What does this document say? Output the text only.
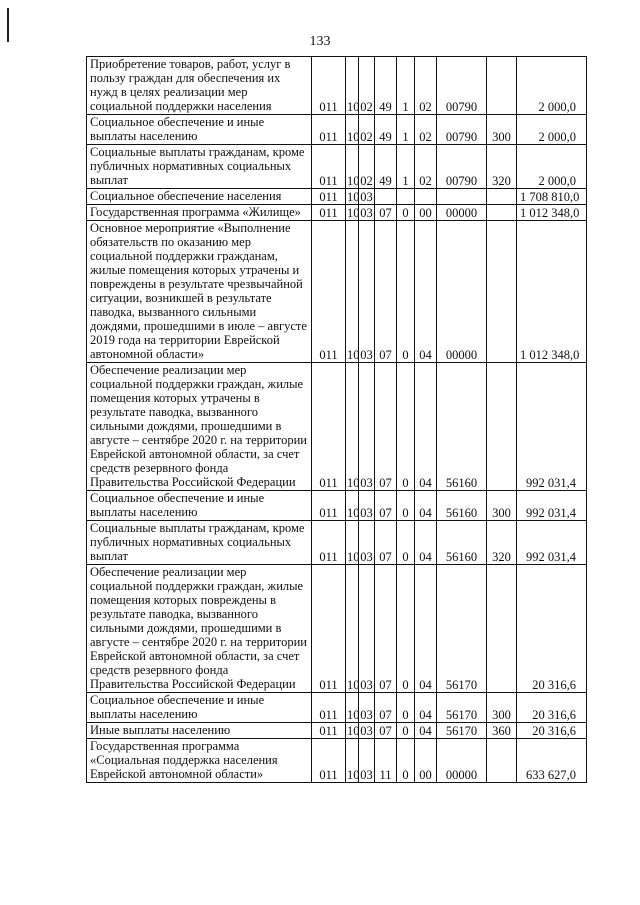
133
Приобретение товаров, работ, услуг в пользу граждан для обеспечения их нужд в целях реализации мер социальной поддержки населения	011	10	02	49	1	02	00790		2 000,0
Социальное обеспечение и иные выплаты населению	011	10	02	49	1	02	00790	300	2 000,0
Социальные выплаты гражданам, кроме публичных нормативных социальных выплат	011	10	02	49	1	02	00790	320	2 000,0
Социальное обеспечение населения	011	10	03						1 708 810,0
Государственная программа «Жилище»	011	10	03	07	0	00	00000		1 012 348,0
Основное мероприятие «Выполнение обязательств по оказанию мер социальной поддержки гражданам, жилые помещения которых утрачены и повреждены в результате чрезвычайной ситуации, возникшей в результате паводка, вызванного сильными дождями, прошедшими в июле – августе 2019 года на территории Еврейской автономной области»	011	10	03	07	0	04	00000		1 012 348,0
Обеспечение реализации мер социальной поддержки граждан, жилые помещения которых утрачены в результате паводка, вызванного сильными дождями, прошедшими в августе – сентябре 2020 г. на территории Еврейской автономной области, за счет средств резервного фонда Правительства Российской Федерации	011	10	03	07	0	04	56160		992 031,4
Социальное обеспечение и иные выплаты населению	011	10	03	07	0	04	56160	300	992 031,4
Социальные выплаты гражданам, кроме публичных нормативных социальных выплат	011	10	03	07	0	04	56160	320	992 031,4
Обеспечение реализации мер социальной поддержки граждан, жилые помещения которых повреждены в результате паводка, вызванного сильными дождями, прошедшими в августе – сентябре 2020 г. на территории Еврейской автономной области, за счет средств резервного фонда Правительства Российской Федерации	011	10	03	07	0	04	56170		20 316,6
Социальное обеспечение и иные выплаты населению	011	10	03	07	0	04	56170	300	20 316,6
Иные выплаты населению	011	10	03	07	0	04	56170	360	20 316,6
Государственная программа «Социальная поддержка населения Еврейской автономной области»	011	10	03	11	0	00	00000		633 627,0
